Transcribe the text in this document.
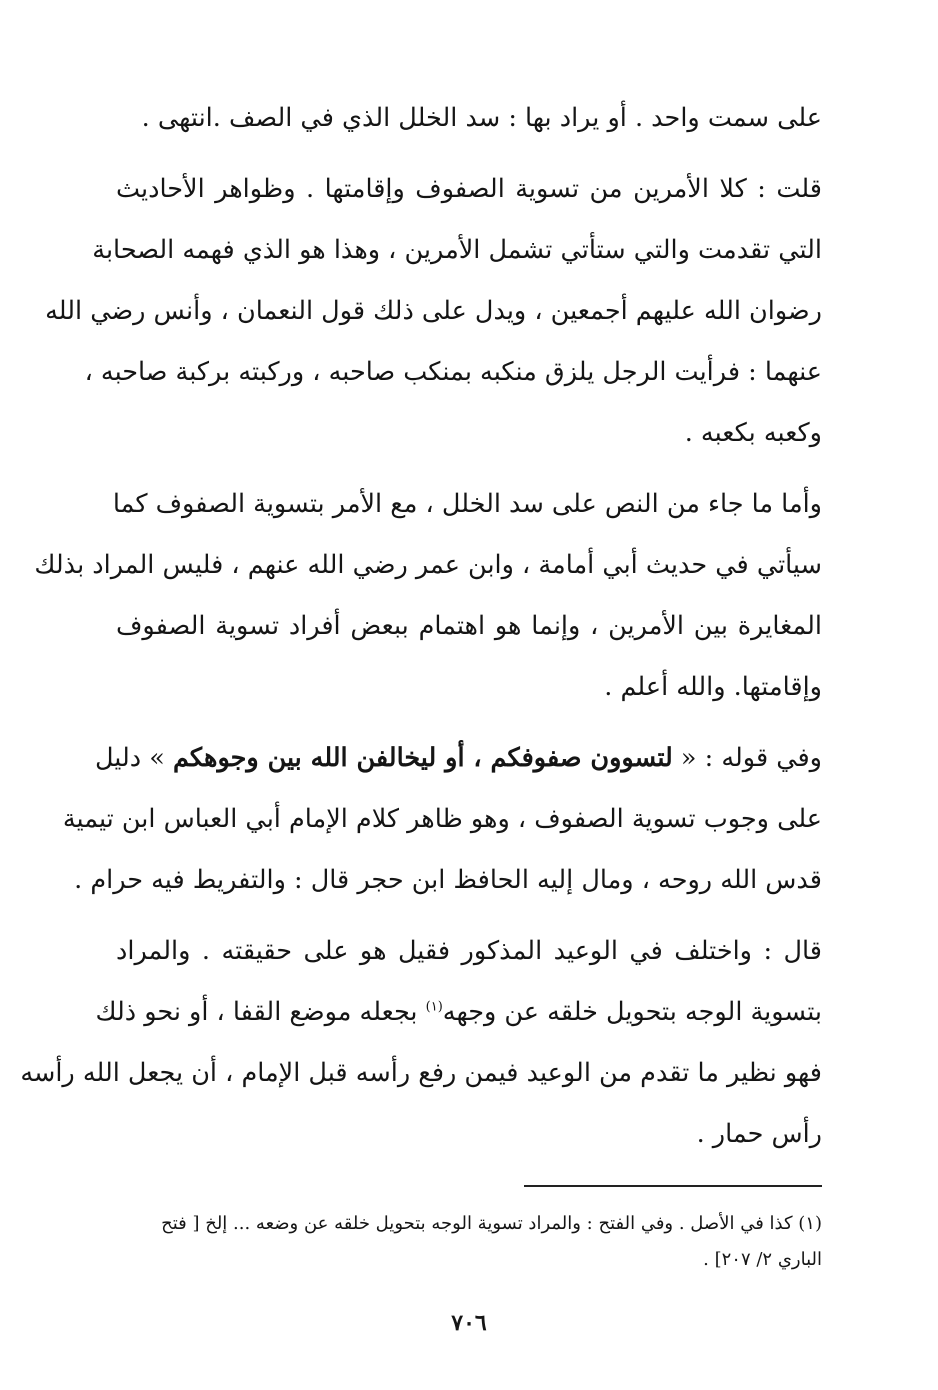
على سمت واحد . أو يراد بها : سد الخلل الذي في الصف .انتهى .
قلت : كلا الأمرين من تسوية الصفوف وإقامتها . وظواهر الأحاديث
التي تقدمت والتي ستأتي تشمل الأمرين ، وهذا هو الذي فهمه الصحابة
رضوان الله عليهم أجمعين ، ويدل على ذلك قول النعمان ، وأنس رضي الله
عنهما : فرأيت الرجل يلزق منكبه بمنكب صاحبه ، وركبته بركبة صاحبه ،
وكعبه بكعبه .
وأما ما جاء من النص على سد الخلل ، مع الأمر بتسوية الصفوف كما
سيأتي في حديث أبي أمامة ، وابن عمر رضي الله عنهم ، فليس المراد بذلك
المغايرة بين الأمرين ، وإنما هو اهتمام ببعض أفراد تسوية الصفوف
وإقامتها. والله أعلم .
وفي قوله : « لتسوون صفوفكم ، أو ليخالفن الله بين وجوهكم » دليل
على وجوب تسوية الصفوف ، وهو ظاهر كلام الإمام أبي العباس ابن تيمية
قدس الله روحه ، ومال إليه الحافظ ابن حجر قال : والتفريط فيه حرام .
قال : واختلف في الوعيد المذكور فقيل هو على حقيقته . والمراد
بتسوية الوجه بتحويل خلقه عن وجهه$^{(١)}$ بجعله موضع القفا ، أو نحو ذلك
فهو نظير ما تقدم من الوعيد فيمن رفع رأسه قبل الإمام ، أن يجعل الله رأسه
رأس حمار .
(١) كذا في الأصل . وفي الفتح : والمراد تسوية الوجه بتحويل خلقه عن وضعه ... إلخ [ فتح
الباري ٢/ ٢٠٧] .
٧٠٦
